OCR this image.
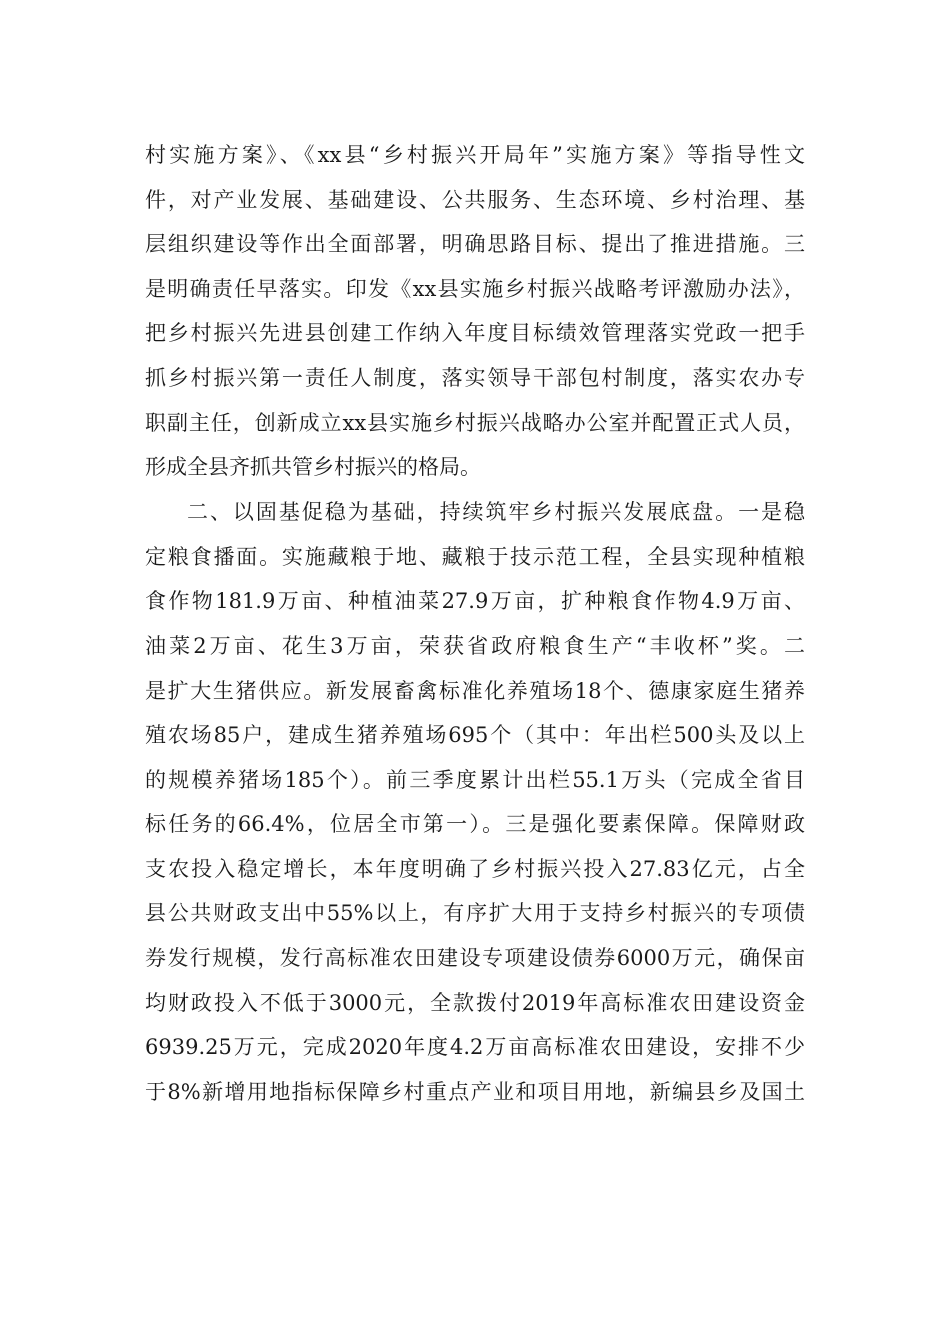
村实施方案》、《xx县“乡村振兴开局年”实施方案》等指导性文
件，对产业发展、基础建设、公共服务、生态环境、乡村治理、基
层组织建设等作出全面部署，明确思路目标、提出了推进措施。三
是明确责任早落实。印发《xx县实施乡村振兴战略考评激励办法》，
把乡村振兴先进县创建工作纳入年度目标绩效管理落实党政一把手
抓乡村振兴第一责任人制度，落实领导干部包村制度，落实农办专
职副主任，创新成立xx县实施乡村振兴战略办公室并配置正式人员，
形成全县齐抓共管乡村振兴的格局。
二、以固基促稳为基础，持续筑牢乡村振兴发展底盘。一是稳
定粮食播面。实施藏粮于地、藏粮于技示范工程，全县实现种植粮
食作物181.9万亩、种植油菜27.9万亩，扩种粮食作物4.9万亩、
油菜2万亩、花生3万亩，荣获省政府粮食生产“丰收杯”奖。二
是扩大生猪供应。新发展畜禽标准化养殖场18个、德康家庭生猪养
殖农场85户，建成生猪养殖场695个（其中：年出栏500头及以上
的规模养猪场185个）。前三季度累计出栏55.1万头（完成全省目
标任务的66.4%，位居全市第一）。三是强化要素保障。保障财政
支农投入稳定增长，本年度明确了乡村振兴投入27.83亿元，占全
县公共财政支出中55%以上，有序扩大用于支持乡村振兴的专项债
券发行规模，发行高标准农田建设专项建设债券6000万元，确保亩
均财政投入不低于3000元，全款拨付2019年高标准农田建设资金
6939.25万元，完成2020年度4.2万亩高标准农田建设，安排不少
于8%新增用地指标保障乡村重点产业和项目用地，新编县乡及国土
